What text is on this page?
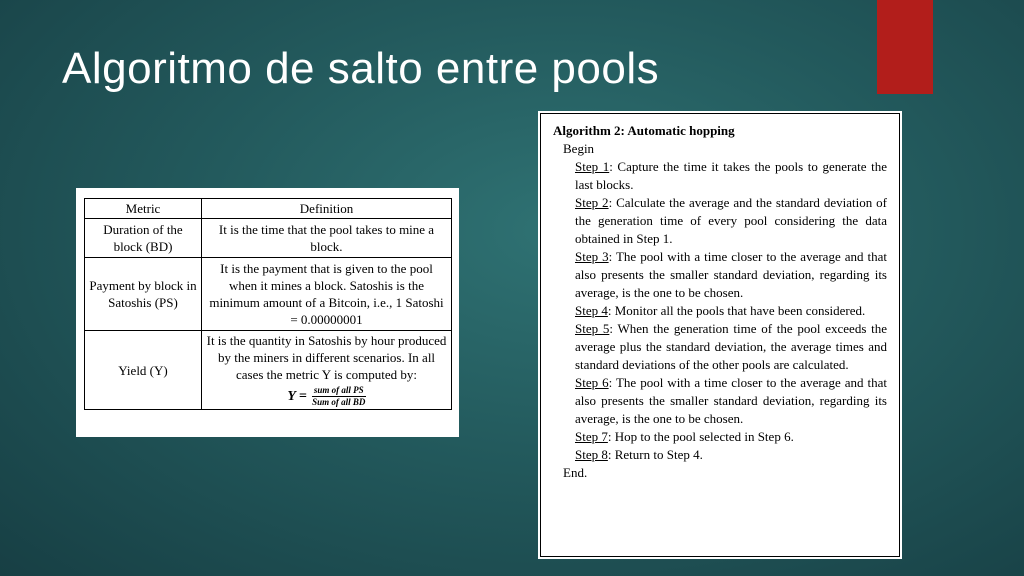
Algoritmo de salto entre pools
Metric	Definition
Duration of the block (BD)	It is the time that the pool takes to mine a block.
Payment by block in Satoshis (PS)	It is the payment that is given to the pool when it mines a block. Satoshis is the minimum amount of a Bitcoin, i.e., 1 Satoshi = 0.00000001
Yield (Y)	It is the quantity in Satoshis by hour produced by the miners in different scenarios. In all cases the metric Y is computed by:

$Y = \frac{\text{sum of all PS}}{\text{Sum of all BD}}$
Algorithm 2: Automatic hopping
Begin
Step 1: Capture the time it takes the pools to generate the last blocks.
Step 2: Calculate the average and the standard deviation of the generation time of every pool considering the data obtained in Step 1.
Step 3: The pool with a time closer to the average and that also presents the smaller standard deviation, regarding its average, is the one to be chosen.
Step 4: Monitor all the pools that have been considered.
Step 5: When the generation time of the pool exceeds the average plus the standard deviation, the average times and standard deviations of the other pools are calculated.
Step 6: The pool with a time closer to the average and that also presents the smaller standard deviation, regarding its average, is the one to be chosen.
Step 7: Hop to the pool selected in Step 6.
Step 8: Return to Step 4.
End.
